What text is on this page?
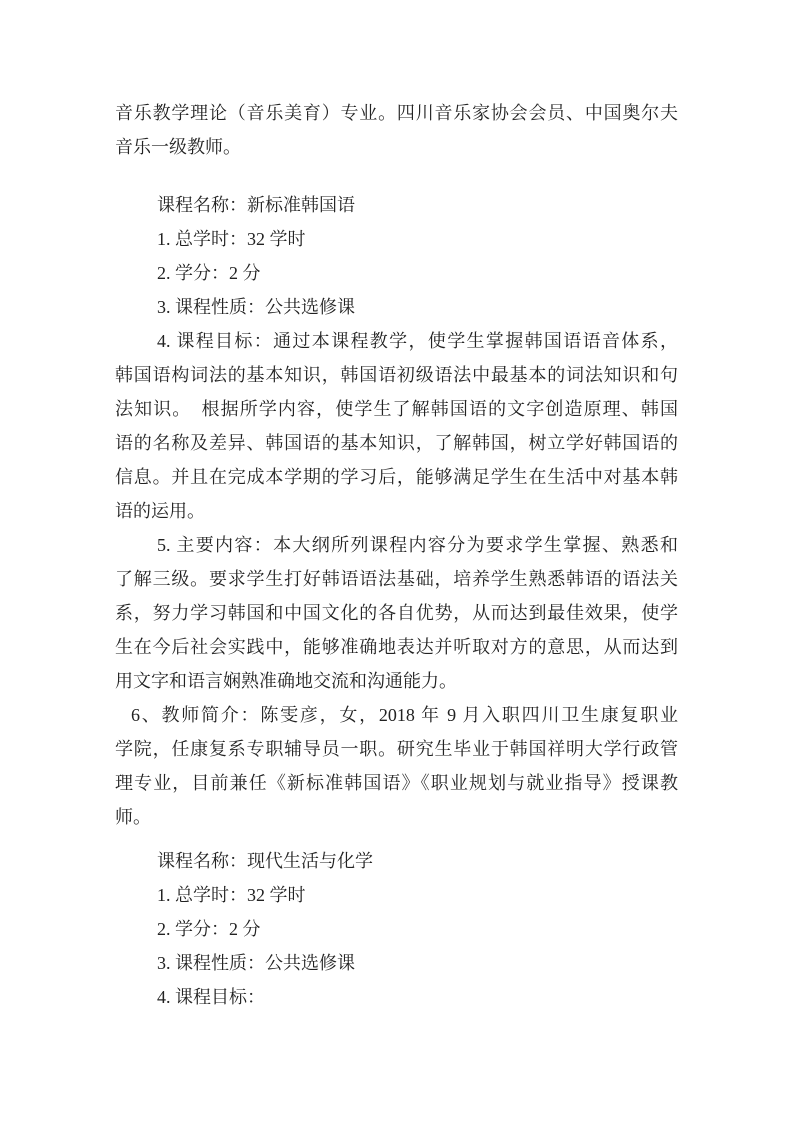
音乐教学理论（音乐美育）专业。四川音乐家协会会员、中国奥尔夫
音乐一级教师。
课程名称：新标准韩国语
1. 总学时：32 学时
2. 学分：2 分
3. 课程性质：公共选修课
4. 课程目标：通过本课程教学，使学生掌握韩国语语音体系，
韩国语构词法的基本知识，韩国语初级语法中最基本的词法知识和句
法知识。　根据所学内容，使学生了解韩国语的文字创造原理、韩国
语的名称及差异、韩国语的基本知识，了解韩国，树立学好韩国语的
信息。并且在完成本学期的学习后，能够满足学生在生活中对基本韩
语的运用。
5. 主要内容：本大纲所列课程内容分为要求学生掌握、熟悉和
了解三级。要求学生打好韩语语法基础，培养学生熟悉韩语的语法关
系，努力学习韩国和中国文化的各自优势，从而达到最佳效果，使学
生在今后社会实践中，能够准确地表达并听取对方的意思，从而达到
用文字和语言娴熟准确地交流和沟通能力。
6、教师简介：陈雯彦，女，2018 年 9 月入职四川卫生康复职业
学院，任康复系专职辅导员一职。研究生毕业于韩国祥明大学行政管
理专业，目前兼任《新标准韩国语》《职业规划与就业指导》授课教
师。
课程名称：现代生活与化学
1. 总学时：32 学时
2. 学分：2 分
3. 课程性质：公共选修课
4. 课程目标：
